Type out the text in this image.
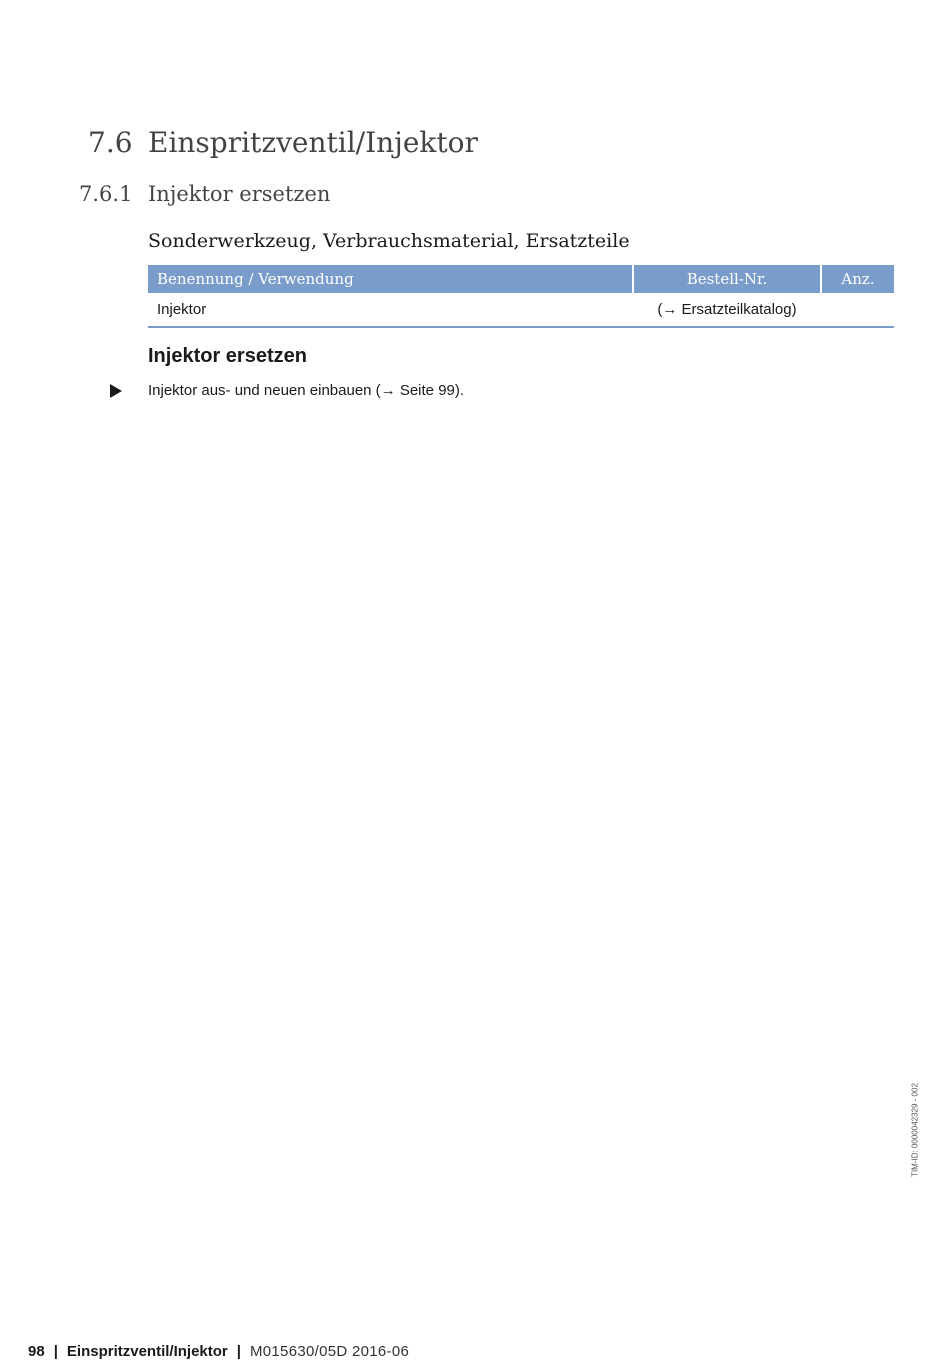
7.6 Einspritzventil/Injektor
7.6.1 Injektor ersetzen
Sonderwerkzeug, Verbrauchsmaterial, Ersatzteile
Benennung / Verwendung	Bestell-Nr.	Anz.
Injektor	(→ Ersatzteilkatalog)	
Injektor ersetzen
Injektor aus- und neuen einbauen (→ Seite 99).
TIM-ID: 0000042329 - 002
98 | Einspritzventil/Injektor | M015630/05D 2016-06
